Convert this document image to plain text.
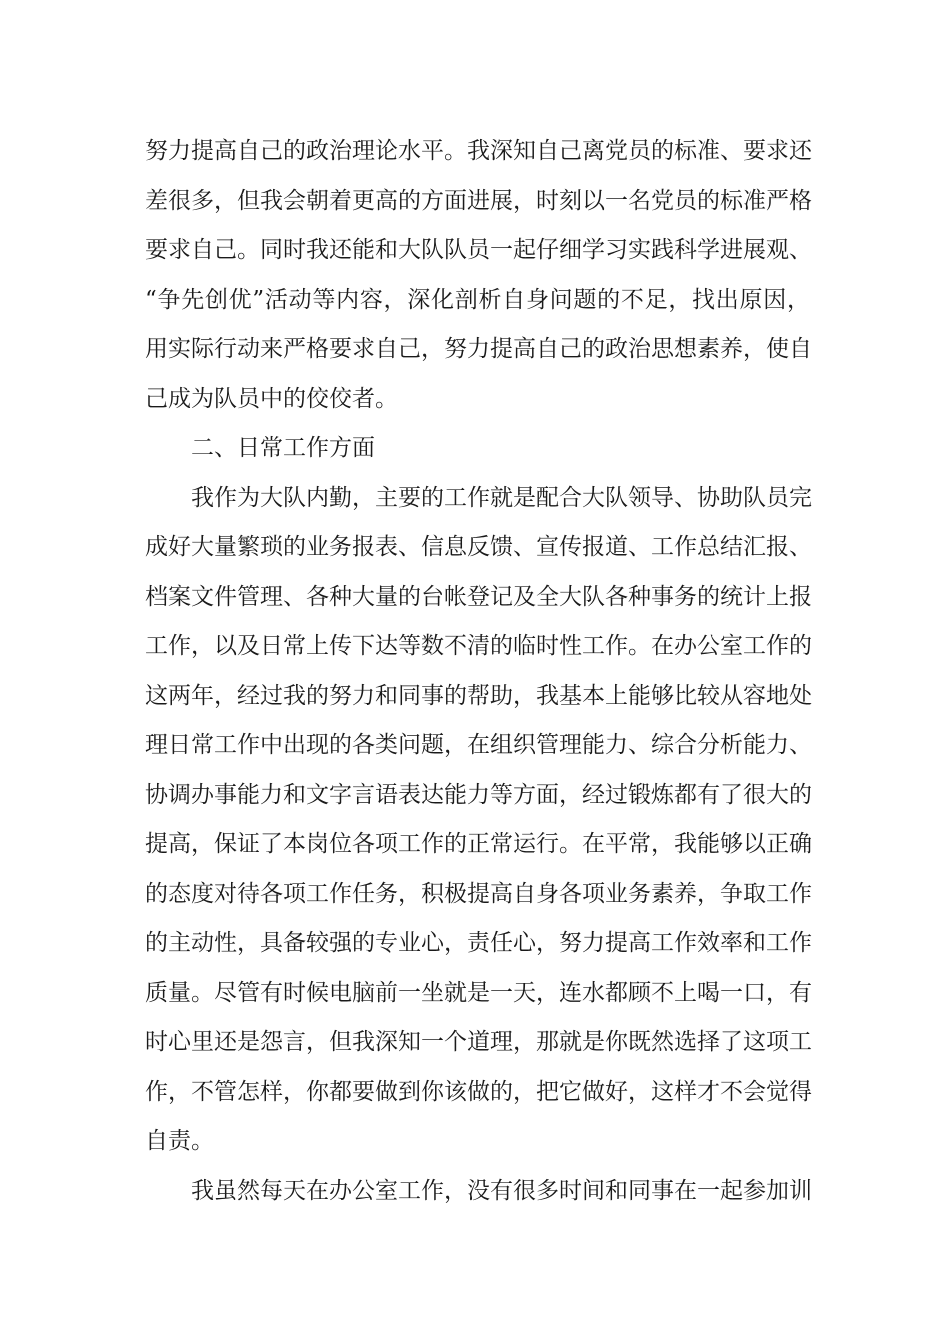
努力提高自己的政治理论水平。我深知自己离党员的标准、要求还
差很多，但我会朝着更高的方面进展，时刻以一名党员的标准严格
要求自己。同时我还能和大队队员一起仔细学习实践科学进展观、
“争先创优”活动等内容，深化剖析自身问题的不足，找出原因，
用实际行动来严格要求自己，努力提高自己的政治思想素养，使自
己成为队员中的佼佼者。
二、日常工作方面
我作为大队内勤，主要的工作就是配合大队领导、协助队员完
成好大量繁琐的业务报表、信息反馈、宣传报道、工作总结汇报、
档案文件管理、各种大量的台帐登记及全大队各种事务的统计上报
工作，以及日常上传下达等数不清的临时性工作。在办公室工作的
这两年，经过我的努力和同事的帮助，我基本上能够比较从容地处
理日常工作中出现的各类问题，在组织管理能力、综合分析能力、
协调办事能力和文字言语表达能力等方面，经过锻炼都有了很大的
提高，保证了本岗位各项工作的正常运行。在平常，我能够以正确
的态度对待各项工作任务，积极提高自身各项业务素养，争取工作
的主动性，具备较强的专业心，责任心，努力提高工作效率和工作
质量。尽管有时候电脑前一坐就是一天，连水都顾不上喝一口，有
时心里还是怨言，但我深知一个道理，那就是你既然选择了这项工
作，不管怎样，你都要做到你该做的，把它做好，这样才不会觉得
自责。
我虽然每天在办公室工作，没有很多时间和同事在一起参加训
